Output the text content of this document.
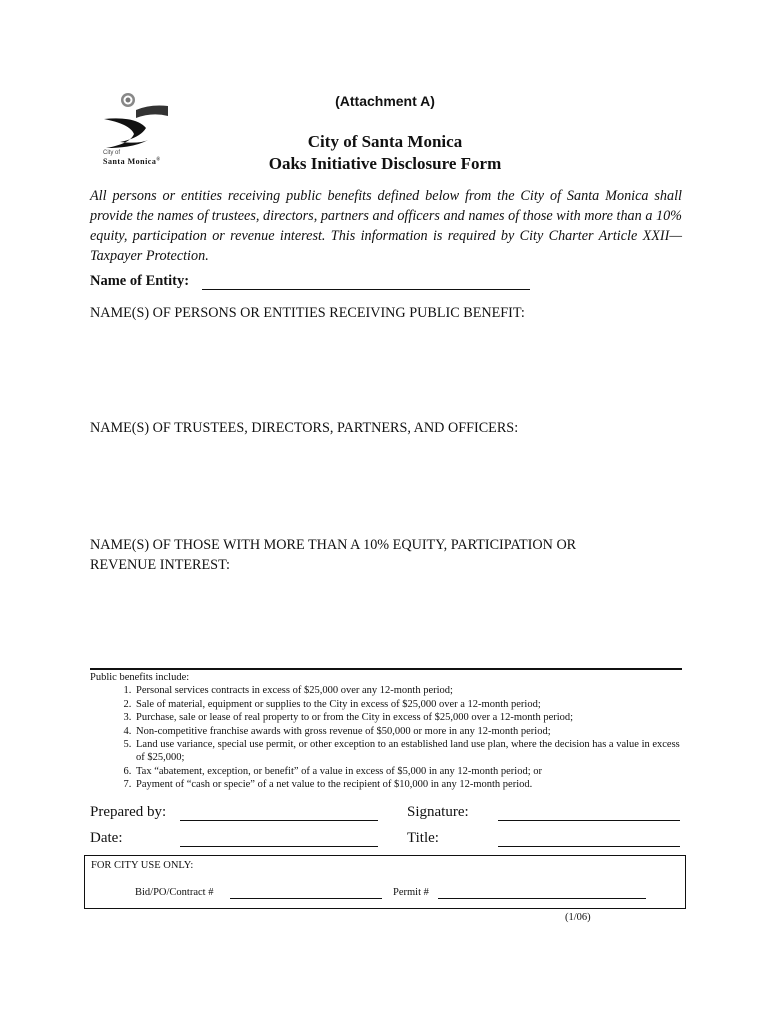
(Attachment A)
City of
Santa Monica®
City of Santa Monica
Oaks Initiative Disclosure Form
All persons or entities receiving public benefits defined below from the City of Santa Monica shall provide the names of trustees, directors, partners and officers and names of those with more than a 10% equity, participation or revenue interest. This information is required by City Charter Article XXII—Taxpayer Protection.
Name of Entity:
NAME(S) OF PERSONS OR ENTITIES RECEIVING PUBLIC BENEFIT:
NAME(S) OF TRUSTEES, DIRECTORS, PARTNERS, AND OFFICERS:
NAME(S) OF THOSE WITH MORE THAN A 10% EQUITY, PARTICIPATION OR
REVENUE INTEREST:
Public benefits include:
1. Personal services contracts in excess of $25,000 over any 12-month period;
2. Sale of material, equipment or supplies to the City in excess of $25,000 over a 12-month period;
3. Purchase, sale or lease of real property to or from the City in excess of $25,000 over a 12-month period;
4. Non-competitive franchise awards with gross revenue of $50,000 or more in any 12-month period;
5. Land use variance, special use permit, or other exception to an established land use plan, where the decision has a value in excess of $25,000;
6. Tax “abatement, exception, or benefit” of a value in excess of $5,000 in any 12-month period; or
7. Payment of “cash or specie” of a net value to the recipient of $10,000 in any 12-month period.
Prepared by:	Signature:
Date:	Title:
FOR CITY USE ONLY:
Bid/PO/Contract #	Permit #
(1/06)
